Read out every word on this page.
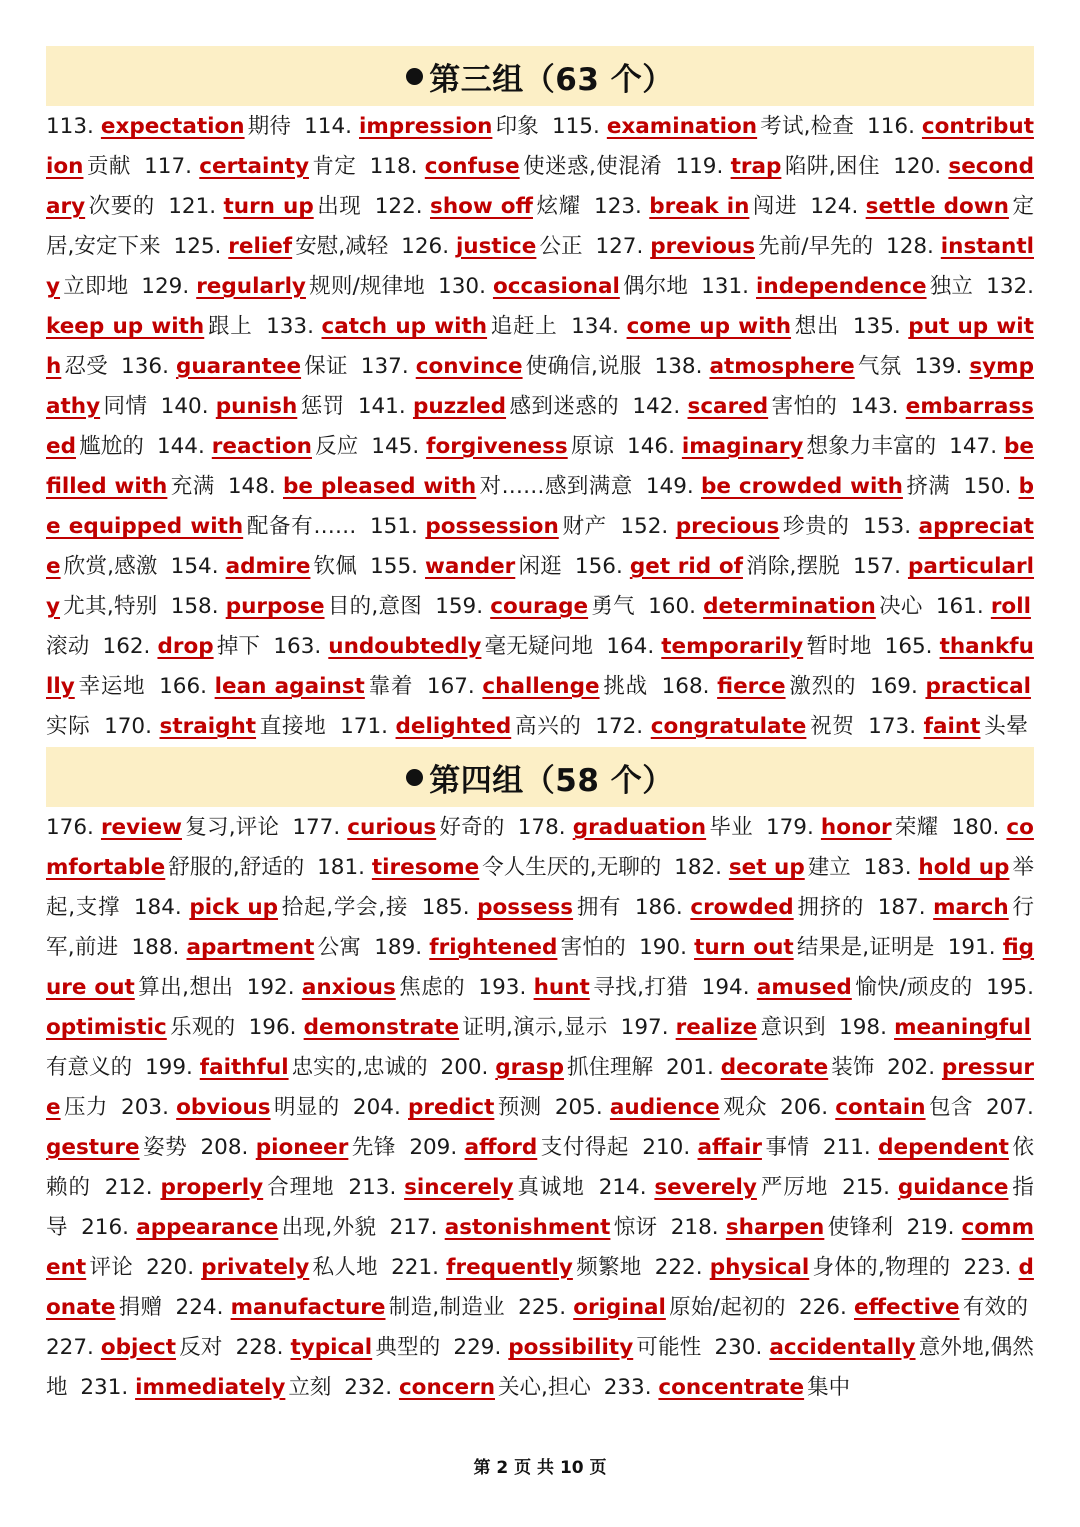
第三组（63 个）
113. expectation 期待 114. impression 印象 115. examination 考试,检查 116. contribution 贡献 117. certainty 肯定 118. confuse 使迷惑,使混淆 119. trap 陷阱,困住 120. secondary 次要的 121. turn up 出现 122. show off 炫耀 123. break in 闯进 124. settle down 定居,安定下来 125. relief 安慰,减轻 126. justice 公正 127. previous 先前/早先的 128. instantly 立即地 129. regularly 规则/规律地 130. occasional 偶尔地 131. independence 独立 132. keep up with 跟上 133. catch up with 追赶上 134. come up with 想出 135. put up with 忍受 136. guarantee 保证 137. convince 使确信,说服 138. atmosphere 气氛 139. sympathy 同情 140. punish 惩罚 141. puzzled 感到迷惑的 142. scared 害怕的 143. embarrassed 尴尬的 144. reaction 反应 145. forgiveness 原谅 146. imaginary 想象力丰富的 147. be filled with 充满 148. be pleased with 对……感到满意 149. be crowded with 挤满 150. be equipped with 配备有…… 151. possession 财产 152. precious 珍贵的 153. appreciate 欣赏,感激 154. admire 钦佩 155. wander 闲逛 156. get rid of 消除,摆脱 157. particularly 尤其,特别 158. purpose 目的,意图 159. courage 勇气 160. determination 决心 161. roll滚动 162. drop 掉下 163. undoubtedly 毫无疑问地 164. temporarily 暂时地 165. thankfully 幸运地 166. lean against 靠着 167. challenge 挑战 168. fierce 激烈的 169. practical实际 170. straight 直接地 171. delighted 高兴的 172. congratulate 祝贺 173. faint 头晕
第四组（58 个）
176. review 复习,评论 177. curious 好奇的 178. graduation 毕业 179. honor 荣耀 180. comfortable 舒服的,舒适的 181. tiresome 令人生厌的,无聊的 182. set up 建立 183. hold up 举起,支撑 184. pick up 拾起,学会,接 185. possess 拥有 186. crowded 拥挤的 187. march 行军,前进 188. apartment 公寓 189. frightened 害怕的 190. turn out 结果是,证明是 191. figure out 算出,想出 192. anxious 焦虑的 193. hunt 寻找,打猎 194. amused 愉快/顽皮的 195. optimistic 乐观的 196. demonstrate 证明,演示,显示 197. realize 意识到 198. meaningful有意义的 199. faithful 忠实的,忠诚的 200. grasp 抓住理解 201. decorate 装饰 202. pressure 压力 203. obvious 明显的 204. predict 预测 205. audience 观众 206. contain 包含 207. gesture 姿势 208. pioneer 先锋 209. afford 支付得起 210. affair 事情 211. dependent 依赖的 212. properly 合理地 213. sincerely 真诚地 214. severely 严厉地 215. guidance 指导 216. appearance 出现,外貌 217. astonishment 惊讶 218. sharpen 使锋利 219. comment 评论 220. privately 私人地 221. frequently 频繁地 222. physical 身体的,物理的 223. donate 捐赠 224. manufacture 制造,制造业 225. original 原始/起初的 226. effective 有效的 227. object 反对 228. typical 典型的 229. possibility 可能性 230. accidentally 意外地,偶然地 231. immediately 立刻 232. concern 关心,担心 233. concentrate 集中
第 2 页 共 10 页
